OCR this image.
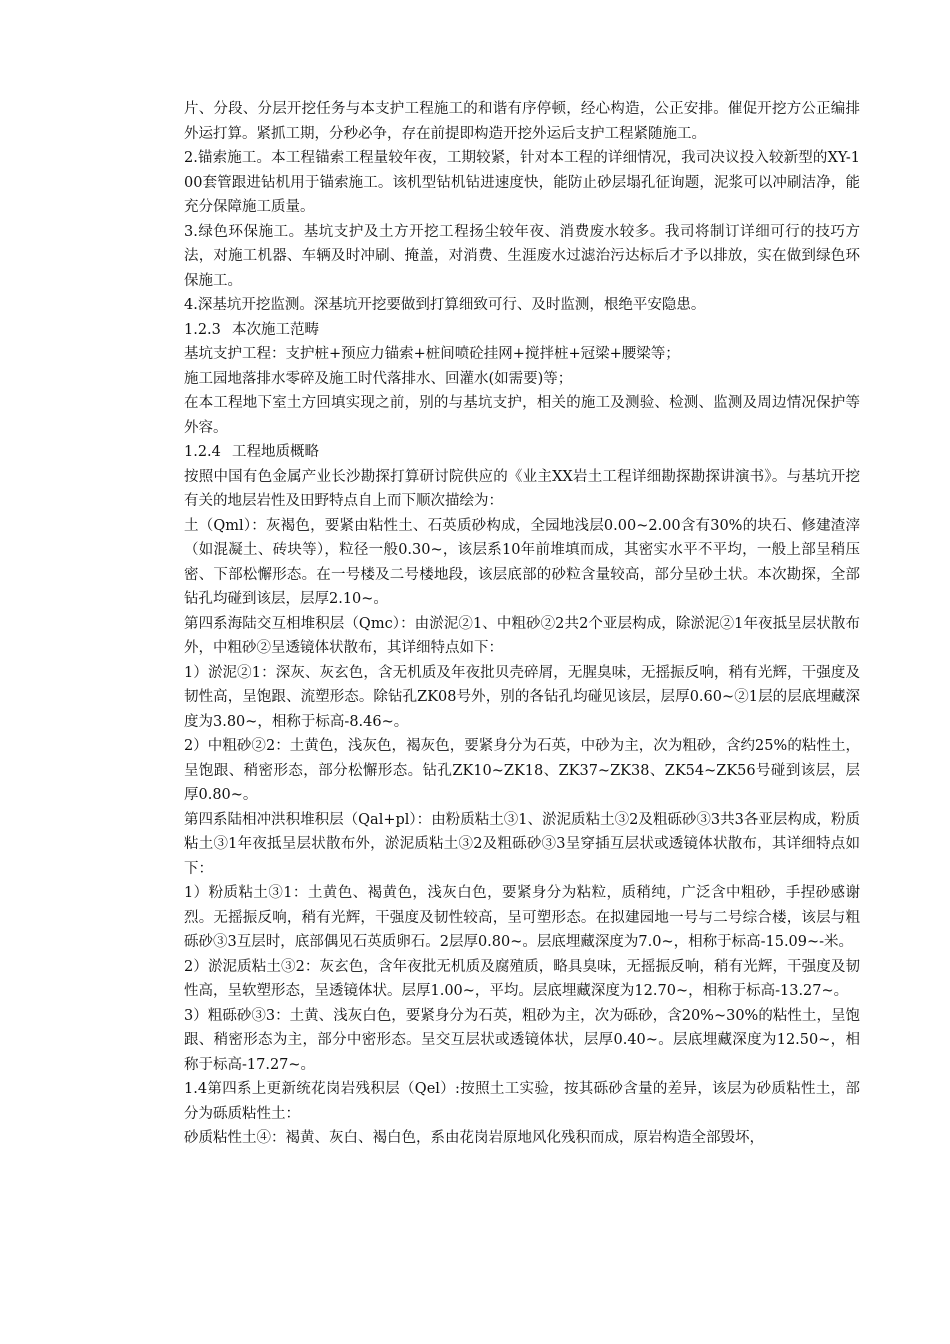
片、分段、分层开挖任务与本支护工程施工的和谐有序停顿，经心构造，公正安排。催促开挖方公正编排外运打算。紧抓工期，分秒必争，存在前提即构造开挖外运后支护工程紧随施工。

2.锚索施工。本工程锚索工程量较年夜，工期较紧，针对本工程的详细情况，我司决议投入较新型的XY-100套管跟进钻机用于锚索施工。该机型钻机钻进速度快，能防止砂层塌孔征询题，泥浆可以冲刷洁净，能充分保障施工质量。

3.绿色环保施工。基坑支护及土方开挖工程扬尘较年夜、消费废水较多。我司将制订详细可行的技巧方法，对施工机器、车辆及时冲刷、掩盖，对消费、生涯废水过滤治污达标后才予以排放，实在做到绿色环保施工。

4.深基坑开挖监测。深基坑开挖要做到打算细致可行、及时监测，根绝平安隐患。

1.2.3 本次施工范畴

基坑支护工程：支护桩+预应力锚索+桩间喷砼挂网+搅拌桩+冠梁+腰梁等；

施工园地落排水零碎及施工时代落排水、回灌水(如需要)等；

在本工程地下室土方回填实现之前，别的与基坑支护，相关的施工及测验、检测、监测及周边情况保护等外容。

1.2.4 工程地质概略

按照中国有色金属产业长沙勘探打算研讨院供应的《业主XX岩土工程详细勘探勘探讲演书》。与基坑开挖有关的地层岩性及田野特点自上而下顺次描绘为：

土（Qml）：灰褐色，要紧由粘性土、石英质砂构成，全园地浅层0.00~2.00含有30%的块石、修建渣滓（如混凝土、砖块等），粒径一般0.30~，该层系10年前堆填而成，其密实水平不平均，一般上部呈稍压密、下部松懈形态。在一号楼及二号楼地段，该层底部的砂粒含量较高，部分呈砂土状。本次勘探，全部钻孔均碰到该层，层厚2.10~。

第四系海陆交互相堆积层（Qmc）：由淤泥②1、中粗砂②2共2个亚层构成，除淤泥②1年夜抵呈层状散布外，中粗砂②呈透镜体状散布，其详细特点如下：

1）淤泥②1：深灰、灰玄色，含无机质及年夜批贝壳碎屑，无腥臭味，无摇振反响，稍有光辉，干强度及韧性高，呈饱跟、流塑形态。除钻孔ZK08号外，别的各钻孔均碰见该层，层厚0.60~②1层的层底埋藏深度为3.80~，相称于标高-8.46~。

2）中粗砂②2：土黄色，浅灰色，褐灰色，要紧身分为石英，中砂为主，次为粗砂，含约25%的粘性土，呈饱跟、稍密形态，部分松懈形态。钻孔ZK10~ZK18、ZK37~ZK38、ZK54~ZK56号碰到该层，层厚0.80~。

第四系陆相冲洪积堆积层（Qal+pl）：由粉质粘土③1、淤泥质粘土③2及粗砾砂③3共3各亚层构成，粉质粘土③1年夜抵呈层状散布外，淤泥质粘土③2及粗砾砂③3呈穿插互层状或透镜体状散布，其详细特点如下：

1）粉质粘土③1：土黄色、褐黄色，浅灰白色，要紧身分为粘粒，质稍纯，广泛含中粗砂，手捏砂感谢烈。无摇振反响，稍有光辉，干强度及韧性较高，呈可塑形态。在拟建园地一号与二号综合楼，该层与粗砾砂③3互层时，底部偶见石英质卵石。2层厚0.80~。层底埋藏深度为7.0~，相称于标高-15.09~-米。

2）淤泥质粘土③2：灰玄色，含年夜批无机质及腐殖质，略具臭味，无摇振反响，稍有光辉，干强度及韧性高，呈软塑形态，呈透镜体状。层厚1.00~，平均。层底埋藏深度为12.70~，相称于标高-13.27~。

3）粗砾砂③3：土黄、浅灰白色，要紧身分为石英，粗砂为主，次为砾砂，含20%~30%的粘性土，呈饱跟、稍密形态为主，部分中密形态。呈交互层状或透镜体状，层厚0.40~。层底埋藏深度为12.50~，相称于标高-17.27~。

1.4第四系上更新统花岗岩残积层（Qel）:按照土工实验，按其砾砂含量的差异，该层为砂质粘性土，部分为砾质粘性土：

砂质粘性土④：褐黄、灰白、褐白色，系由花岗岩原地风化残积而成，原岩构造全部毁坏，
